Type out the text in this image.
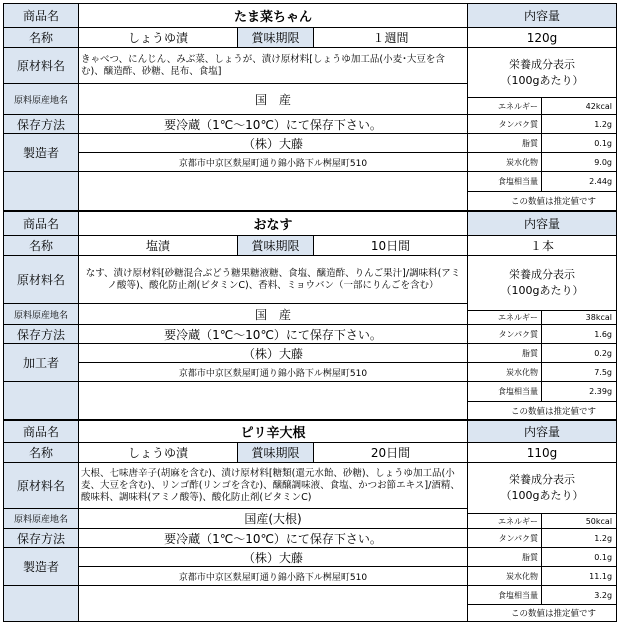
商品名	たま菜ちゃん			内容量	
名称	しょうゆ漬	賞味期限	１週間	120g	
原材料名	きゃべつ、にんじん、みぶ菜、しょうが、漬け原材料[しょうゆ加工品(小麦･大豆を含む)、醸造酢、砂糖、昆布、食塩]			栄養成分表示
（100gあたり）	
原料原産地名	国　産				
				エネルギー	42kcal
保存方法	要冷蔵（1℃～10℃）にて保存下さい。			タンパク質	1.2g
製造者	（株）大藤			脂質	0.1g
	京都市中京区麩屋町通り錦小路下ル桝屋町510			炭水化物	9.0g
				食塩相当量	2.44g
				この数値は推定値です	
商品名	おなす			内容量	
名称	塩漬	賞味期限	10日間	１本	
原材料名	なす、漬け原材料[砂糖混合ぶどう糖果糖液糖、食塩、醸造酢、りんご果汁]/調味料(アミノ酸等)、酸化防止剤(ビタミンC)、香料、ミョウバン（一部にりんごを含む）			栄養成分表示
（100gあたり）	
原料原産地名	国　産				
				エネルギー	38kcal
保存方法	要冷蔵（1℃～10℃）にて保存下さい。			タンパク質	1.6g
加工者	（株）大藤			脂質	0.2g
	京都市中京区麩屋町通り錦小路下ル桝屋町510			炭水化物	7.5g
				食塩相当量	2.39g
				この数値は推定値です	
商品名	ピリ辛大根			内容量	
名称	しょうゆ漬	賞味期限	20日間	110g	
原材料名	大根、七味唐辛子(胡麻を含む)、漬け原材料[糖類(還元水飴、砂糖)、しょうゆ加工品(小麦、大豆を含む)、リンゴ酢(リンゴを含む)、醸醸調味液、食塩、かつお節エキス]/酒精、酸味料、調味料(アミノ酸等)、酸化防止剤(ビタミンC)			栄養成分表示
（100gあたり）	
原料原産地名	国産(大根)				
				エネルギー	50kcal
保存方法	要冷蔵（1℃～10℃）にて保存下さい。			タンパク質	1.2g
製造者	（株）大藤			脂質	0.1g
	京都市中京区麩屋町通り錦小路下ル桝屋町510			炭水化物	11.1g
				食塩相当量	3.2g
				この数値は推定値です	
